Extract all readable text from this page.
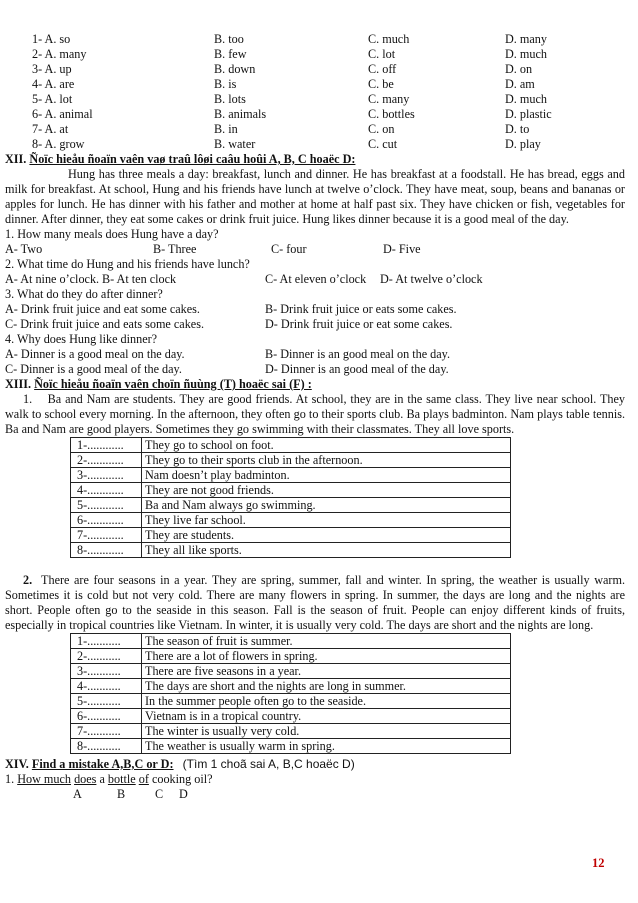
1- A. so	B. too	C. much	D. many
2- A. many	B. few	C. lot	D. much
3- A. up	B. down	C. off	D. on
4- A. are	B. is	C. be	D. am
5- A. lot	B. lots	C. many	D. much
6- A. animal	B. animals	C. bottles	D. plastic
7- A. at	B. in	C. on	D. to
8- A. grow	B. water	C. cut	D. play
XII. Ñoïc hieåu ñoaïn vaên vaø traû lôøi caâu hoûi A, B, C hoaëc D:

Hung has three meals a day: breakfast, lunch and dinner. He has breakfast at a foodstall. He has bread, eggs and milk for breakfast. At school, Hung and his friends have lunch at twelve o’clock. They have meat, soup, beans and bananas or apples for lunch. He has dinner with his father and mother at home at half past six. They have chicken or fish, vegetables for dinner. After dinner, they eat some cakes or drink fruit juice. Hung likes dinner because it is a good meal of the day.

1. How many meals does Hung have a day?
A- Two	B- Three	C- four	D- Five
2. What time do Hung and his friends have lunch?
A- At nine o’clock. B- At ten clock	C- At eleven o’clock	D- At twelve o’clock
3. What do they do after dinner?
A- Drink fruit juice and eat some cakes.	B- Drink fruit juice or eats some cakes.
C- Drink fruit juice and eats some cakes.	D- Drink fruit juice or eat some cakes.
4. Why does Hung like dinner?
A- Dinner is a good meal on the day.	B- Dinner is an good meal on the day.
C- Dinner is a good meal of the day.	D- Dinner is an good meal of the day.
XIII. Ñoïc hieåu ñoaïn vaên choïn ñuùng (T) hoaëc sai (F) :

1. Ba and Nam are students. They are good friends. At school, they are in the same class. They live near school. They walk to school every morning. In the afternoon, they often go to their sports club. Ba plays badminton. Nam plays table tennis. Ba and Nam are good players. Sometimes they go swimming with their classmates. They all love sports.

1-............	They go to school on foot.
2-............	They go to their sports club in the afternoon.
3-............	Nam doesn’t play badminton.
4-............	They are not good friends.
5-............	Ba and Nam always go swimming.
6-............	They live far school.
7-............	They are students.
8-............	They all like sports.

2. There are four seasons in a year. They are spring, summer, fall and winter. In spring, the weather is usually warm. Sometimes it is cold but not very cold. There are many flowers in spring. In summer, the days are long and the nights are short. People often go to the seaside in this season. Fall is the season of fruit. People can enjoy different kinds of fruits, especially in tropical countries like Vietnam. In winter, it is usually very cold. The days are short and the nights are long.

1-...........	The season of fruit is summer.
2-...........	There are a lot of flowers in spring.
3-...........	There are five seasons in a year.
4-...........	The days are short and the nights are long in summer.
5-...........	In the summer people often go to the seaside.
6-...........	Vietnam is in a tropical country.
7-...........	The winter is usually very cold.
8-...........	The weather is usually warm in spring.
XIV. Find a mistake A,B,C or D: (Tìm 1 choã sai A, B,C hoaëc D)
1. How much does a bottle of cooking oil?
A	B C D
12
